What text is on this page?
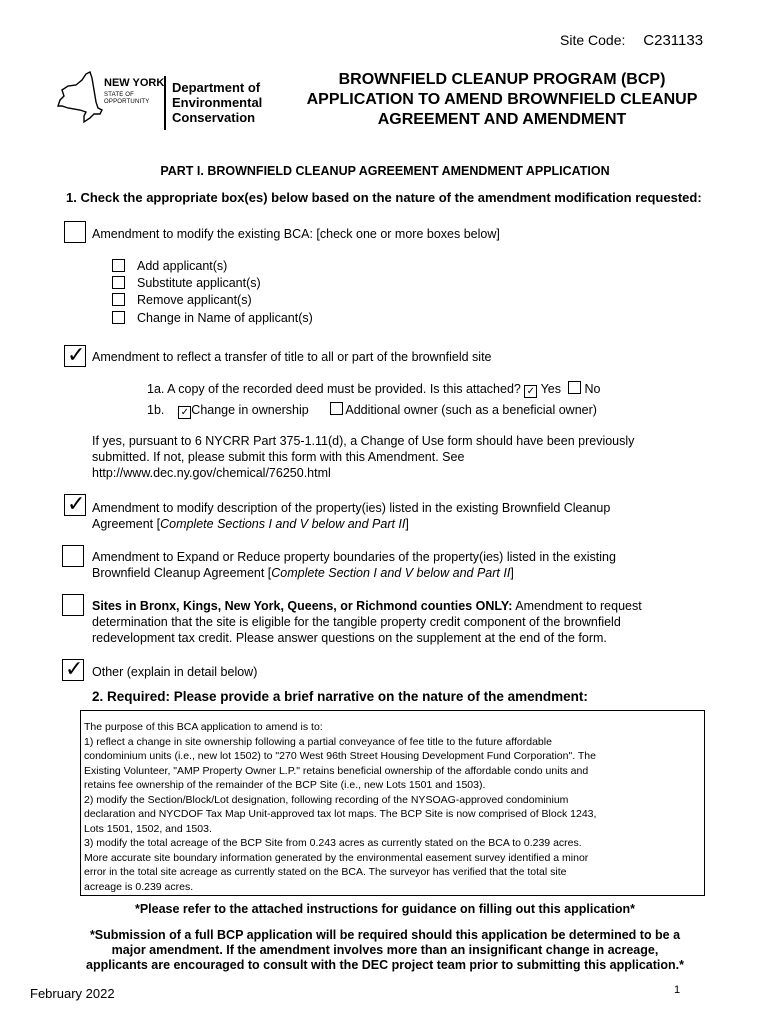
Site Code: C231133
NEW YORK
STATE OF
OPPORTUNITY
Department of
Environmental
Conservation
BROWNFIELD CLEANUP PROGRAM (BCP)
APPLICATION TO AMEND BROWNFIELD CLEANUP
AGREEMENT AND AMENDMENT
PART I. BROWNFIELD CLEANUP AGREEMENT AMENDMENT APPLICATION
1. Check the appropriate box(es) below based on the nature of the amendment modification requested:
Amendment to modify the existing BCA: [check one or more boxes below]
Add applicant(s)
Substitute applicant(s)
Remove applicant(s)
Change in Name of applicant(s)
✓ Amendment to reflect a transfer of title to all or part of the brownfield site
1a. A copy of the recorded deed must be provided. Is this attached? ✓ Yes No
1b. ✓ Change in ownership	Additional owner (such as a beneficial owner)
If yes, pursuant to 6 NYCRR Part 375-1.11(d), a Change of Use form should have been previously
submitted. If not, please submit this form with this Amendment. See
http://www.dec.ny.gov/chemical/76250.html
✓ Amendment to modify description of the property(ies) listed in the existing Brownfield Cleanup
Agreement [Complete Sections I and V below and Part II]
Amendment to Expand or Reduce property boundaries of the property(ies) listed in the existing
Brownfield Cleanup Agreement [Complete Section I and V below and Part II]
Sites in Bronx, Kings, New York, Queens, or Richmond counties ONLY: Amendment to request
determination that the site is eligible for the tangible property credit component of the brownfield
redevelopment tax credit. Please answer questions on the supplement at the end of the form.
✓ Other (explain in detail below)
2. Required: Please provide a brief narrative on the nature of the amendment:

The purpose of this BCA application to amend is to:

1) reflect a change in site ownership following a partial conveyance of fee title to the future affordable

condominium units (i.e., new lot 1502) to "270 West 96th Street Housing Development Fund Corporation". The

Existing Volunteer, "AMP Property Owner L.P." retains beneficial ownership of the affordable condo units and

retains fee ownership of the remainder of the BCP Site (i.e., new Lots 1501 and 1503).

2) modify the Section/Block/Lot designation, following recording of the NYSOAG-approved condominium

declaration and NYCDOF Tax Map Unit-approved tax lot maps. The BCP Site is now comprised of Block 1243,

Lots 1501, 1502, and 1503.

3) modify the total acreage of the BCP Site from 0.243 acres as currently stated on the BCA to 0.239 acres.

More accurate site boundary information generated by the environmental easement survey identified a minor

error in the total site acreage as currently stated on the BCA. The surveyor has verified that the total site

acreage is 0.239 acres.

*Please refer to the attached instructions for guidance on filling out this application*
*Submission of a full BCP application will be required should this application be determined to be a
major amendment. If the amendment involves more than an insignificant change in acreage,
applicants are encouraged to consult with the DEC project team prior to submitting this application.*
February 2022	1
